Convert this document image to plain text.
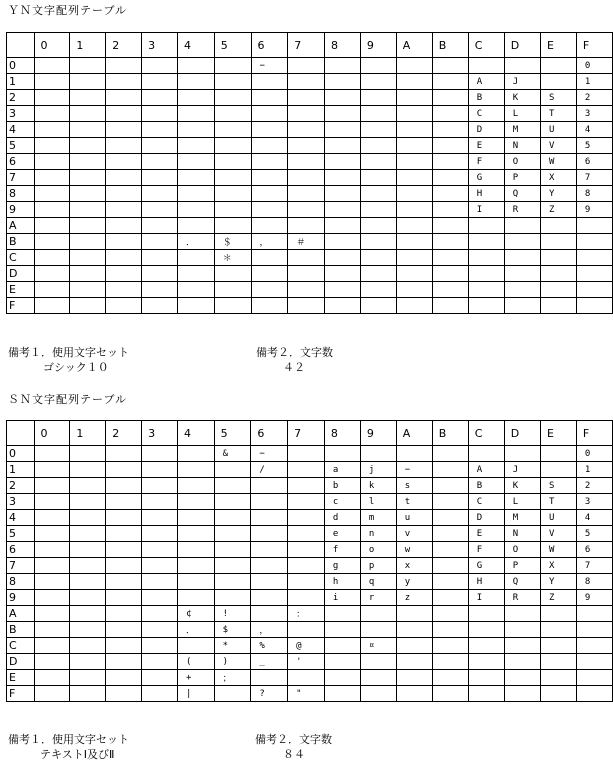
ＹＮ文字配列テーブル
	0	1	2	3	4	5	6	7	8	9	A	B	C	D	E	F
0							−									0
1													A	J		1
2													B	K	S	2
3													C	L	T	3
4													D	M	U	4
5													E	N	V	5
6													F	O	W	6
7													G	P	X	7
8													H	Q	Y	8
9													I	R	Z	9
A																
B					．	＄	，	＃								
C						＊										
D																
E																
F																
備考１．使用文字セット
ゴシック１０
備考２．文字数
４２
ＳＮ文字配列テーブル
	0	1	2	3	4	5	6	7	8	9	A	B	C	D	E	F
0						&	−									0
1							/		a	j	−		A	J		1
2									b	k	s		B	K	S	2
3									c	l	t		C	L	T	3
4									d	m	u		D	M	U	4
5									e	n	v		E	N	V	5
6									f	o	w		F	O	W	6
7									g	p	x		G	P	X	7
8									h	q	y		H	Q	Y	8
9									i	r	z		I	R	Z	9
A					¢	!		：								
B					．	$	，									
C						*	%	@		¤						
D					(	)	_	'								
E					+	；										
F					|		?	"								
備考１．使用文字セット
テキストⅠ及びⅡ
備考２．文字数
８４
